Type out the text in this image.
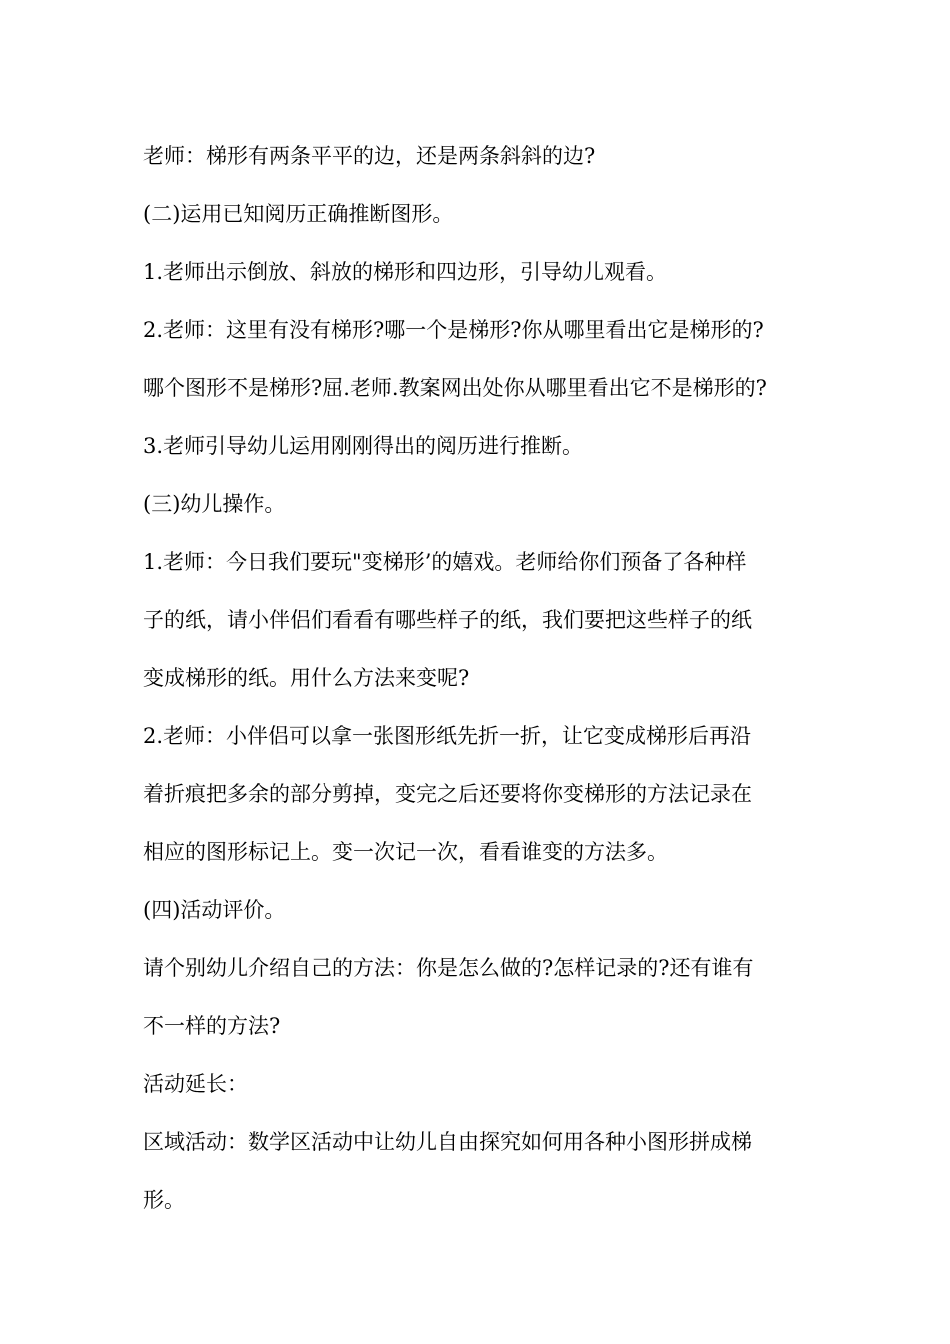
老师：梯形有两条平平的边，还是两条斜斜的边?
(二)运用已知阅历正确推断图形。
1.老师出示倒放、斜放的梯形和四边形，引导幼儿观看。
2.老师：这里有没有梯形?哪一个是梯形?你从哪里看出它是梯形的?
哪个图形不是梯形?屈.老师.教案网出处你从哪里看出它不是梯形的?
3.老师引导幼儿运用刚刚得出的阅历进行推断。
(三)幼儿操作。
1.老师：今日我们要玩"变梯形’的嬉戏。老师给你们预备了各种样
子的纸，请小伴侣们看看有哪些样子的纸，我们要把这些样子的纸
变成梯形的纸。用什么方法来变呢?
2.老师：小伴侣可以拿一张图形纸先折一折，让它变成梯形后再沿
着折痕把多余的部分剪掉，变完之后还要将你变梯形的方法记录在
相应的图形标记上。变一次记一次，看看谁变的方法多。
(四)活动评价。
请个别幼儿介绍自己的方法：你是怎么做的?怎样记录的?还有谁有
不一样的方法?
活动延长：
区域活动：数学区活动中让幼儿自由探究如何用各种小图形拼成梯
形。
